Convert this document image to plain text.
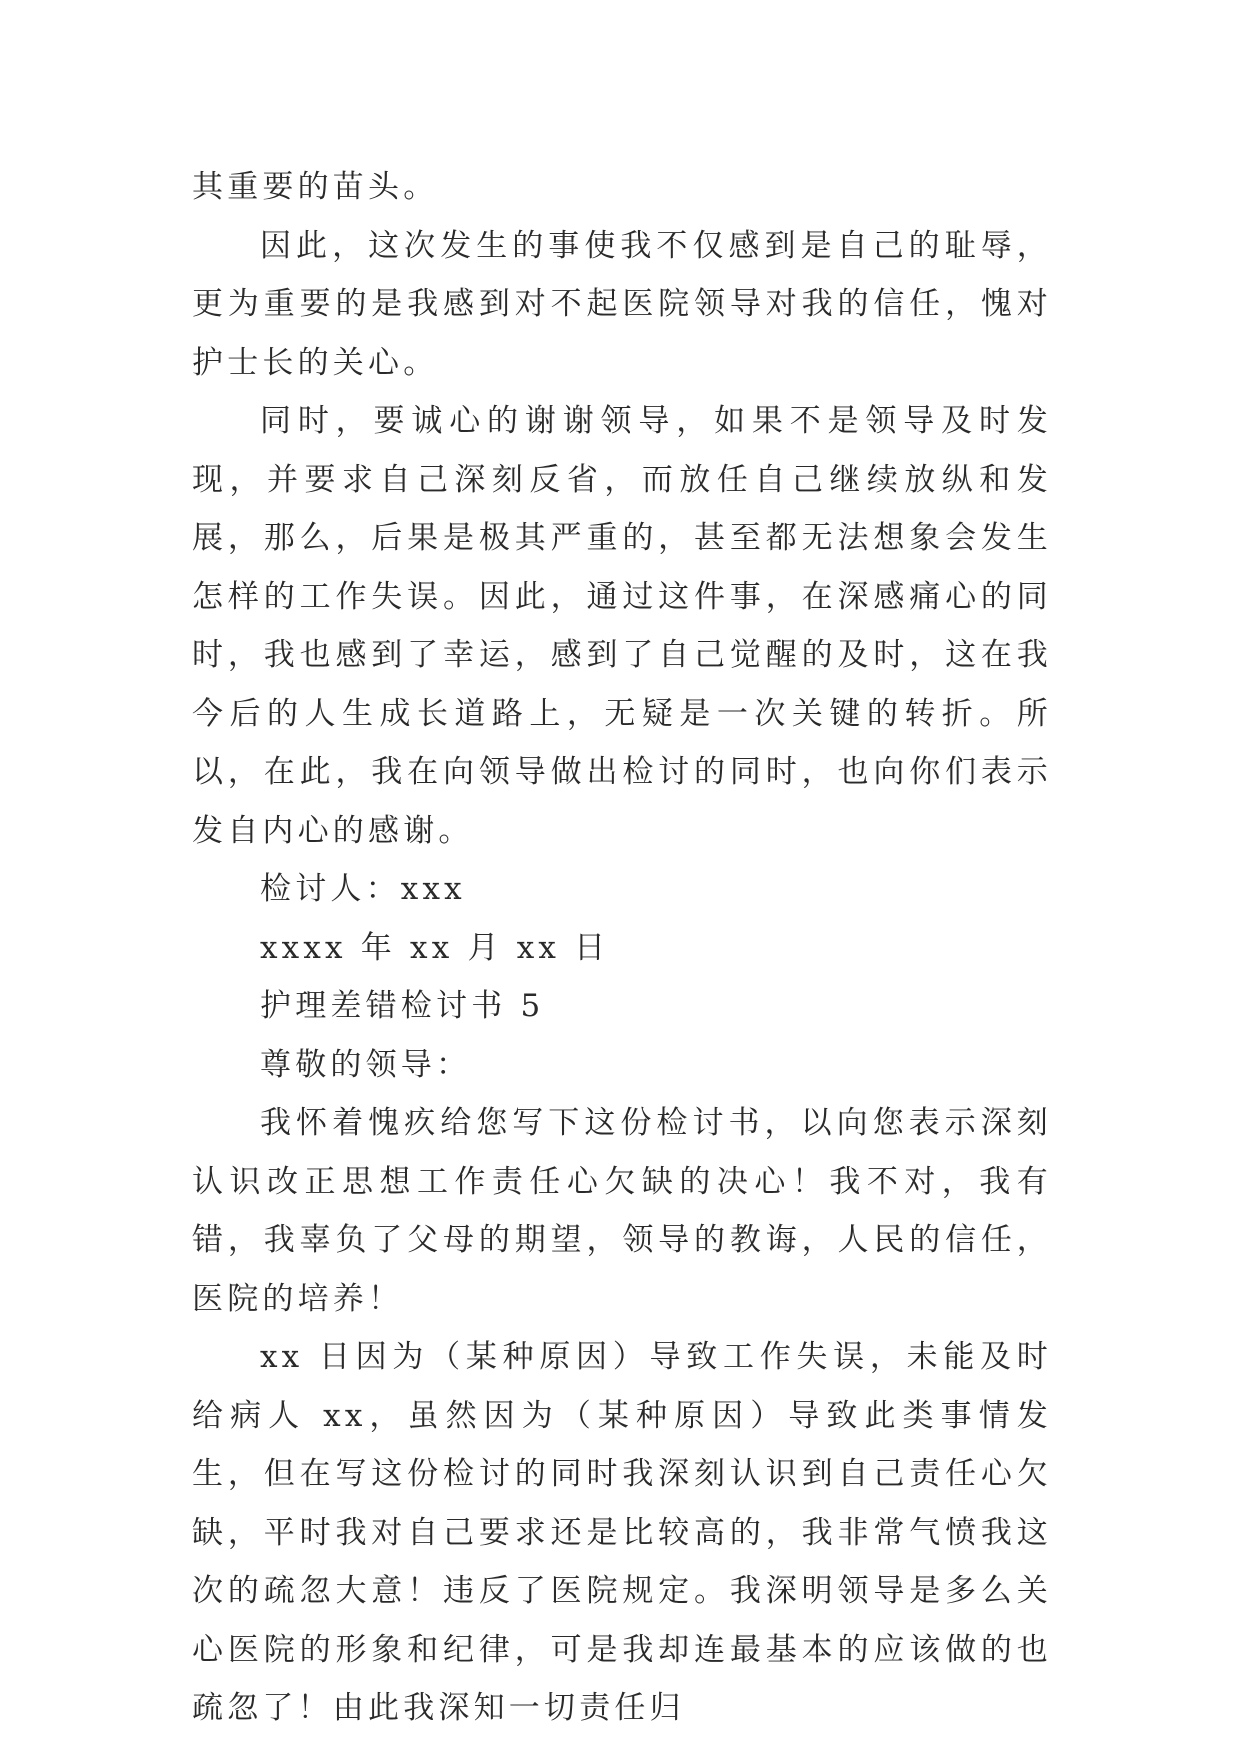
其重要的苗头。

因此，这次发生的事使我不仅感到是自己的耻辱，更为重要的是我感到对不起医院领导对我的信任，愧对护士长的关心。

同时，要诚心的谢谢领导，如果不是领导及时发现，并要求自己深刻反省，而放任自己继续放纵和发展，那么，后果是极其严重的，甚至都无法想象会发生怎样的工作失误。因此，通过这件事，在深感痛心的同时，我也感到了幸运，感到了自己觉醒的及时，这在我今后的人生成长道路上，无疑是一次关键的转折。所以，在此，我在向领导做出检讨的同时，也向你们表示发自内心的感谢。

检讨人：xxx

xxxx 年 xx 月 xx 日

护理差错检讨书 5

尊敬的领导：

我怀着愧疚给您写下这份检讨书，以向您表示深刻认识改正思想工作责任心欠缺的决心！我不对，我有错，我辜负了父母的期望，领导的教诲，人民的信任，医院的培养！

xx 日因为（某种原因）导致工作失误，未能及时给病人 xx，虽然因为（某种原因）导致此类事情发生，但在写这份检讨的同时我深刻认识到自己责任心欠缺，平时我对自己要求还是比较高的，我非常气愤我这次的疏忽大意！违反了医院规定。我深明领导是多么关心医院的形象和纪律，可是我却连最基本的应该做的也疏忽了！由此我深知一切责任归
